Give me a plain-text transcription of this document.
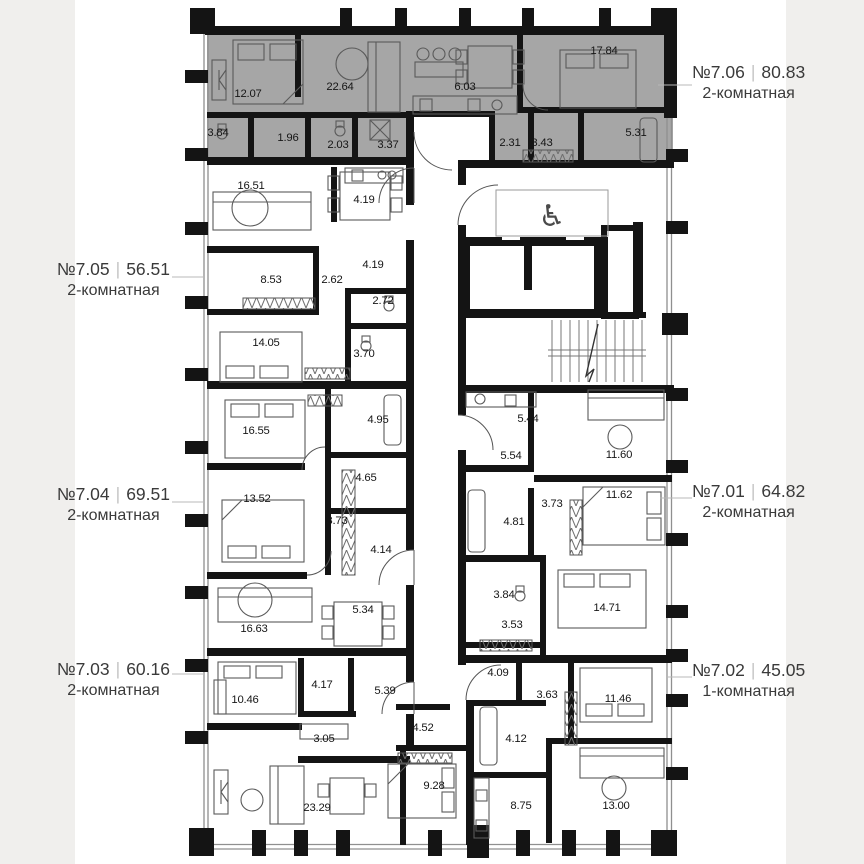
♿
12.07
22.64	6.03
17.84
3.84	1.96
2.03	3.37	2.31 3.43
5.31
16.51
4.19
8.53	2.62
4.19
2.72
3.70
14.05
16.55
4.95
4.65
13.52
3.73
4.14
16.63
5.34
10.46
4.17
3.05
5.39
4.52
23.29
9.28
5.44
5.54	11.60
11.62
3.73
4.81
3.84
3.53
14.71
4.09
3.63	11.46
4.12
8.75	13.00
№7.06 | 80.83
2-комнатная
№7.05 | 56.51
2-комнатная
№7.04 | 69.51
2-комнатная
№7.03 | 60.16
2-комнатная
№7.01 | 64.82
2-комнатная
№7.02 | 45.05
1-комнатная
